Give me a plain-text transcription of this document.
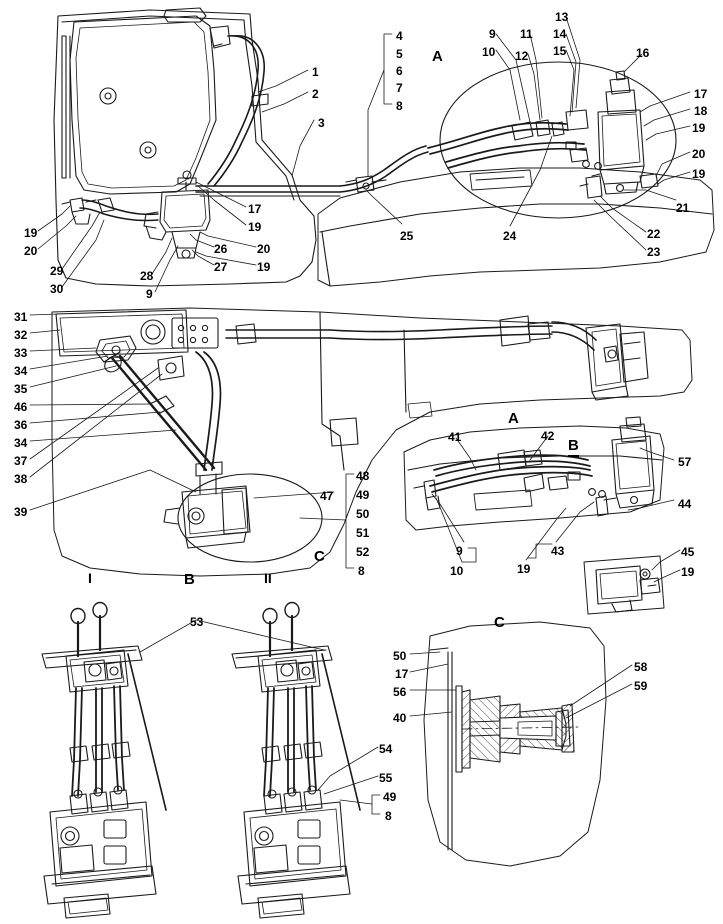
A
A
B
C
C
B
I	II
1
2
3
4
5
6
7
8
9
10
11
12
13
14
15	16
17
18
19
20
19
21
22
23
24
25
17
19
26 20
27 19
28
9
29
30
19
20
31
32
33
34
35
46
36
34
37
38
39
48
47 49
50
51
52
8
41	42
57
44
43
19
9
10
45
19
53
54
55
49
8
50
17
56
40
58
59
